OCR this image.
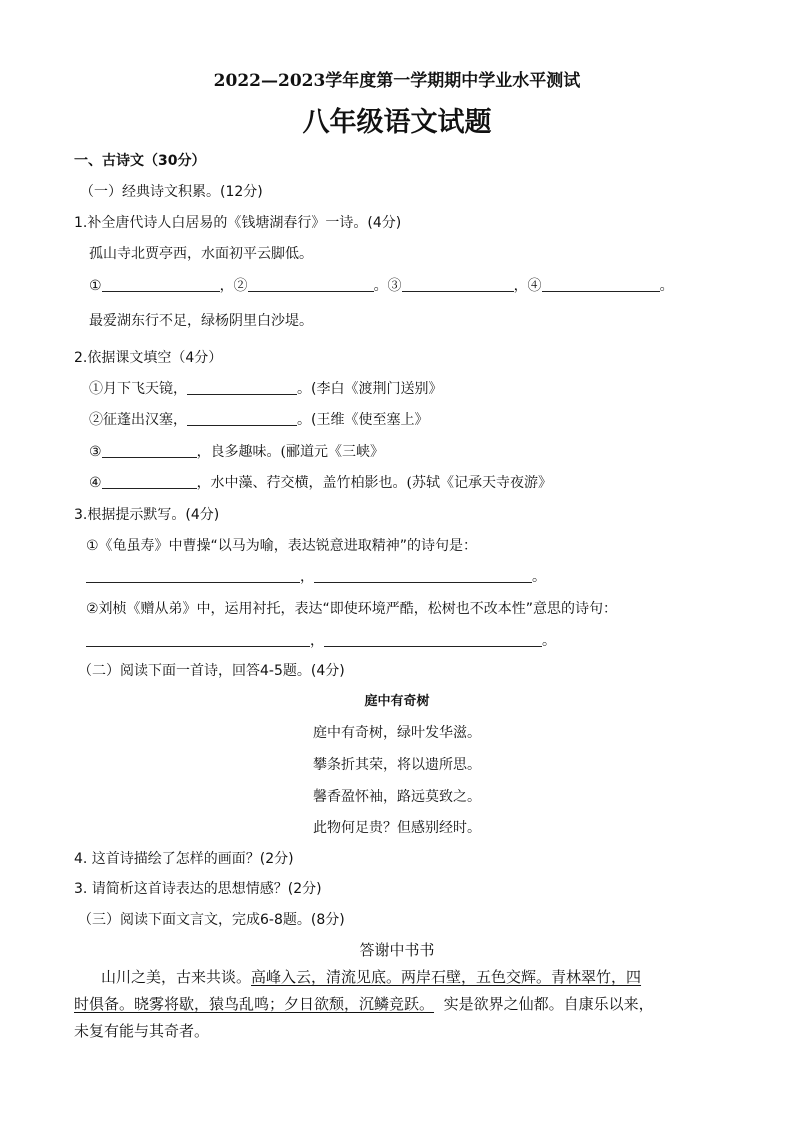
2022—2023学年度第一学期期中学业水平测试
八年级语文试题
一、古诗文（30分）
（一）经典诗文积累。(12分)
1.补全唐代诗人白居易的《钱塘湖春行》一诗。(4分)
孤山寺北贾亭西，水面初平云脚低。
①	，②	。③	，④	。
最爱湖东行不足，绿杨阴里白沙堤。
2.依据课文填空（4分）
①月下飞天镜，	。(李白《渡荆门送别》
②征蓬出汉塞，	。(王维《使至塞上》
③	，良多趣味。(郦道元《三峡》
④	，水中藻、荇交横，盖竹柏影也。(苏轼《记承天寺夜游》
3.根据提示默写。(4分)
①《龟虽寿》中曹操“以马为喻，表达锐意进取精神”的诗句是：
，	。
②刘桢《赠从弟》中，运用衬托，表达“即使环境严酷，松树也不改本性”意思的诗句：
，	。
（二）阅读下面一首诗，回答4-5题。(4分)
庭中有奇树
庭中有奇树，绿叶发华滋。
攀条折其荣，将以遗所思。
馨香盈怀袖，路远莫致之。
此物何足贵？但感别经时。
4. 这首诗描绘了怎样的画面？(2分)
3. 请简析这首诗表达的思想情感？(2分)
（三）阅读下面文言文，完成6-8题。(8分)
答谢中书书
山川之美，古来共谈。高峰入云，清流见底。两岸石壁，五色交辉。青林翠竹，四
时俱备。晓雾将歇，猿鸟乱鸣；夕日欲颓，沉鳞竞跃。 实是欲界之仙都。自康乐以来，
未复有能与其奇者。
